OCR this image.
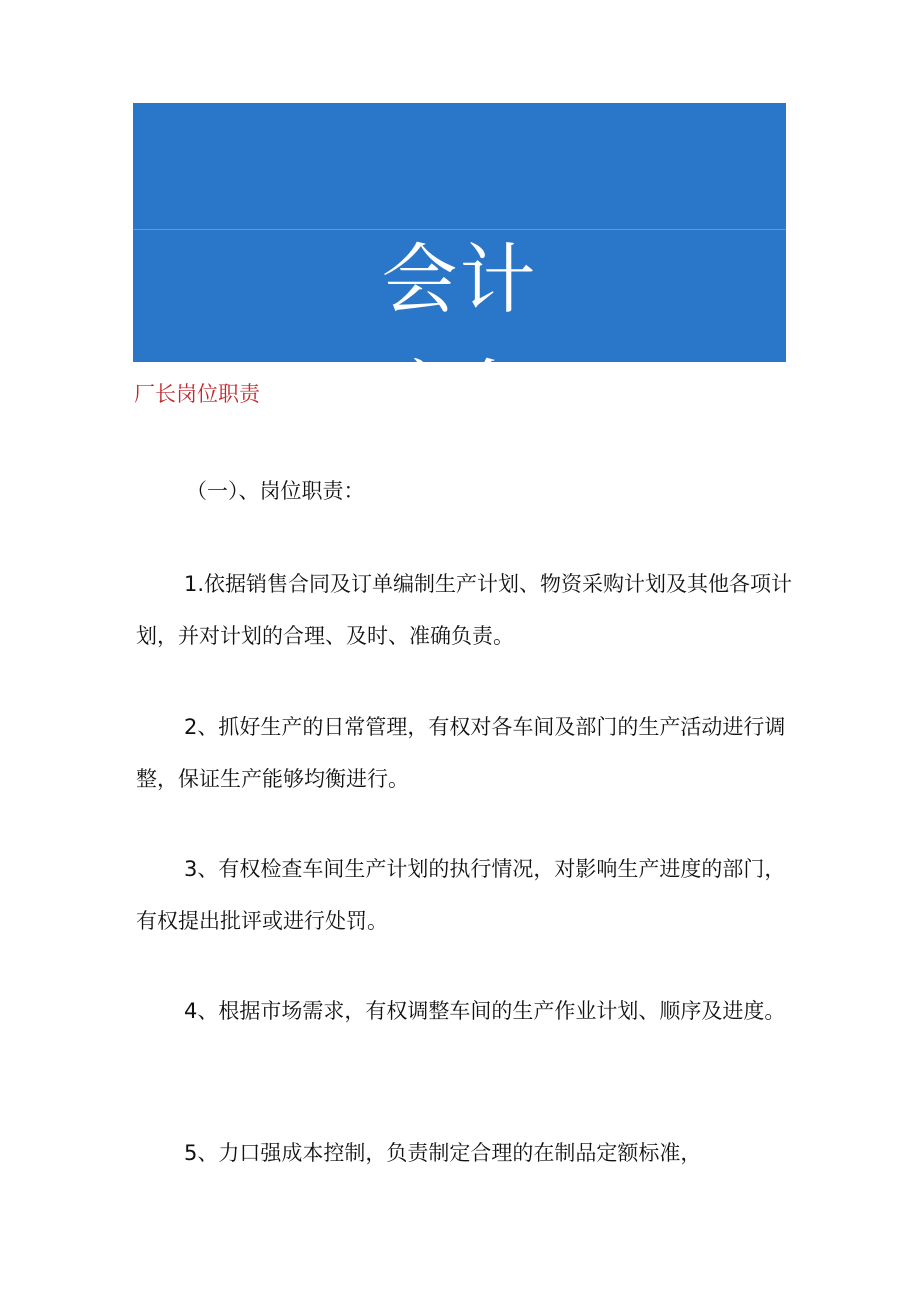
会计
实务
厂长岗位职责
（一）、岗位职责：

1.依据销售合同及订单编制生产计划、物资采购计划及其他各项计划，并对计划的合理、及时、准确负责。

2、抓好生产的日常管理，有权对各车间及部门的生产活动进行调整，保证生产能够均衡进行。

3、有权检查车间生产计划的执行情况，对影响生产进度的部门，有权提出批评或进行处罚。

4、根据市场需求，有权调整车间的生产作业计划、顺序及进度。

5、力口强成本控制，负责制定合理的在制品定额标准，
